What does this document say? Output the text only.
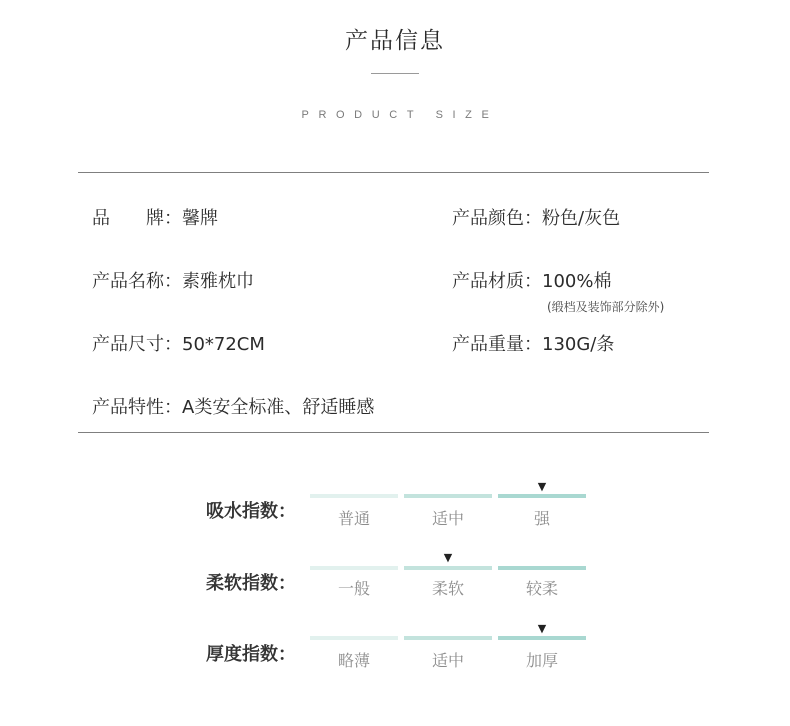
产品信息
PRODUCT SIZE
品　　牌：馨牌	产品颜色：粉色/灰色
产品名称：素雅枕巾	产品材质：100%棉
(缎档及装饰部分除外)
产品尺寸：50*72CM	产品重量：130G/条
产品特性：A类安全标准、舒适睡感
吸水指数：	普通	适中	强
▼
柔软指数：	一般	柔软	较柔
▼
厚度指数：	略薄	适中	加厚
▼
